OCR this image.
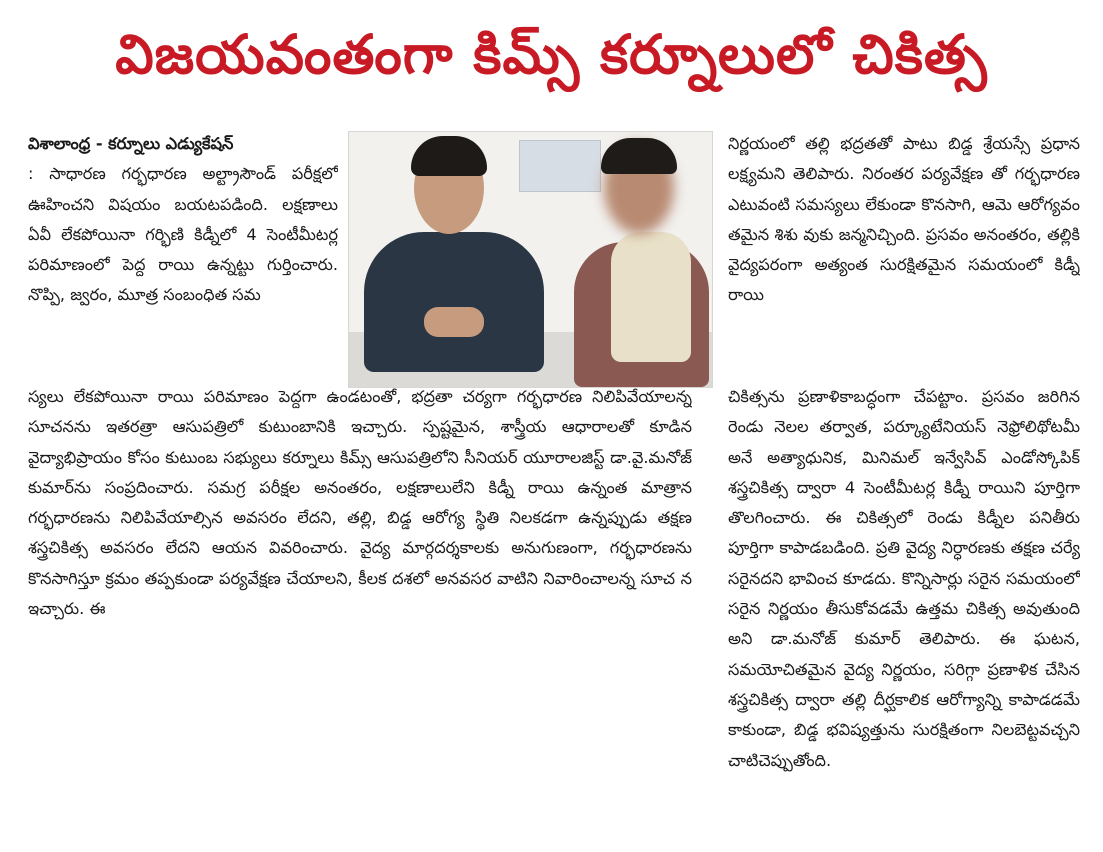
విజయవంతంగా కిమ్స్ కర్నూలులో చికిత్స

విశాలాంధ్ర - కర్నూలు ఎడ్యుకేషన్
: సాధారణ గర్భధారణ అల్ట్రాసౌండ్ పరీక్షలో ఊహించని విషయం బయటపడింది. లక్షణాలు ఏవీ లేకపోయినా గర్భిణి కిడ్నీలో 4 సెంటీమీటర్ల పరిమాణంలో పెద్ద రాయి ఉన్నట్టు గుర్తించారు. నొప్పి, జ్వరం, మూత్ర సంబంధిత సమ

స్యలు లేకపోయినా రాయి పరిమాణం పెద్దగా ఉండటంతో, భద్రతా చర్యగా గర్భధారణ నిలిపివేయాలన్న సూచనను ఇతరత్రా ఆసుపత్రిలో కుటుంబానికి ఇచ్చారు. స్పష్టమైన, శాస్త్రీయ ఆధారాలతో కూడిన వైద్యాభిప్రాయం కోసం కుటుంబ సభ్యులు కర్నూలు కిమ్స్ ఆసుపత్రిలోని సీనియర్ యూరాలజిస్ట్ డా.వై.మనోజ్ కుమార్‌ను సంప్రదించారు. సమగ్ర పరీక్షల అనంతరం, లక్షణాలులేని కిడ్నీ రాయి ఉన్నంత మాత్రాన గర్భధారణను నిలిపివేయాల్సిన అవసరం లేదని, తల్లి, బిడ్డ ఆరోగ్య స్థితి నిలకడగా ఉన్నప్పుడు తక్షణ శస్త్రచికిత్స అవసరం లేదని ఆయన వివరించారు. వైద్య మార్గదర్శకాలకు అనుగుణంగా, గర్భధారణను కొనసాగిస్తూ క్రమం తప్పకుండా పర్యవేక్షణ చేయాలని, కీలక దశలో అనవసర వాటిని నివారించాలన్న సూచ న ఇచ్చారు. ఈ

నిర్ణయంలో తల్లి భద్రతతో పాటు బిడ్డ శ్రేయస్సే ప్రధాన లక్ష్యమని తెలిపారు. నిరంతర పర్యవేక్షణ తో గర్భధారణ ఎటువంటి సమస్యలు లేకుండా కొనసాగి, ఆమె ఆరోగ్యవం తమైన శిశు వుకు జన్మనిచ్చింది. ప్రసవం అనంతరం, తల్లికి వైద్యపరంగా అత్యంత సురక్షితమైన సమయంలో కిడ్నీ రాయి

చికిత్సను ప్రణాళికాబద్ధంగా చేపట్టాం. ప్రసవం జరిగిన రెండు నెలల తర్వాత, పర్క్యూటేనియస్ నెఫ్రోలిథోటమీ అనే అత్యాధునిక, మినిమల్ ఇన్వేసివ్ ఎండోస్కోపిక్ శస్త్రచికిత్స ద్వారా 4 సెంటీమీటర్ల కిడ్నీ రాయిని పూర్తిగా తొలగించారు. ఈ చికిత్సలో రెండు కిడ్నీల పనితీరు పూర్తిగా కాపాడబడింది. ప్రతి వైద్య నిర్ధారణకు తక్షణ చర్యే సరైనదని భావించ కూడదు. కొన్నిసార్లు సరైన సమయంలో సరైన నిర్ణయం తీసుకోవడమే ఉత్తమ చికిత్స అవుతుంది అని డా.మనోజ్ కుమార్ తెలిపారు. ఈ ఘటన, సమయోచితమైన వైద్య నిర్ణయం, సరిగ్గా ప్రణాళిక చేసిన శస్త్రచికిత్స ద్వారా తల్లి దీర్ఘకాలిక ఆరోగ్యాన్ని కాపాడడమే కాకుండా, బిడ్డ భవిష్యత్తును సురక్షితంగా నిలబెట్టవచ్చని చాటిచెప్పుతోంది.
